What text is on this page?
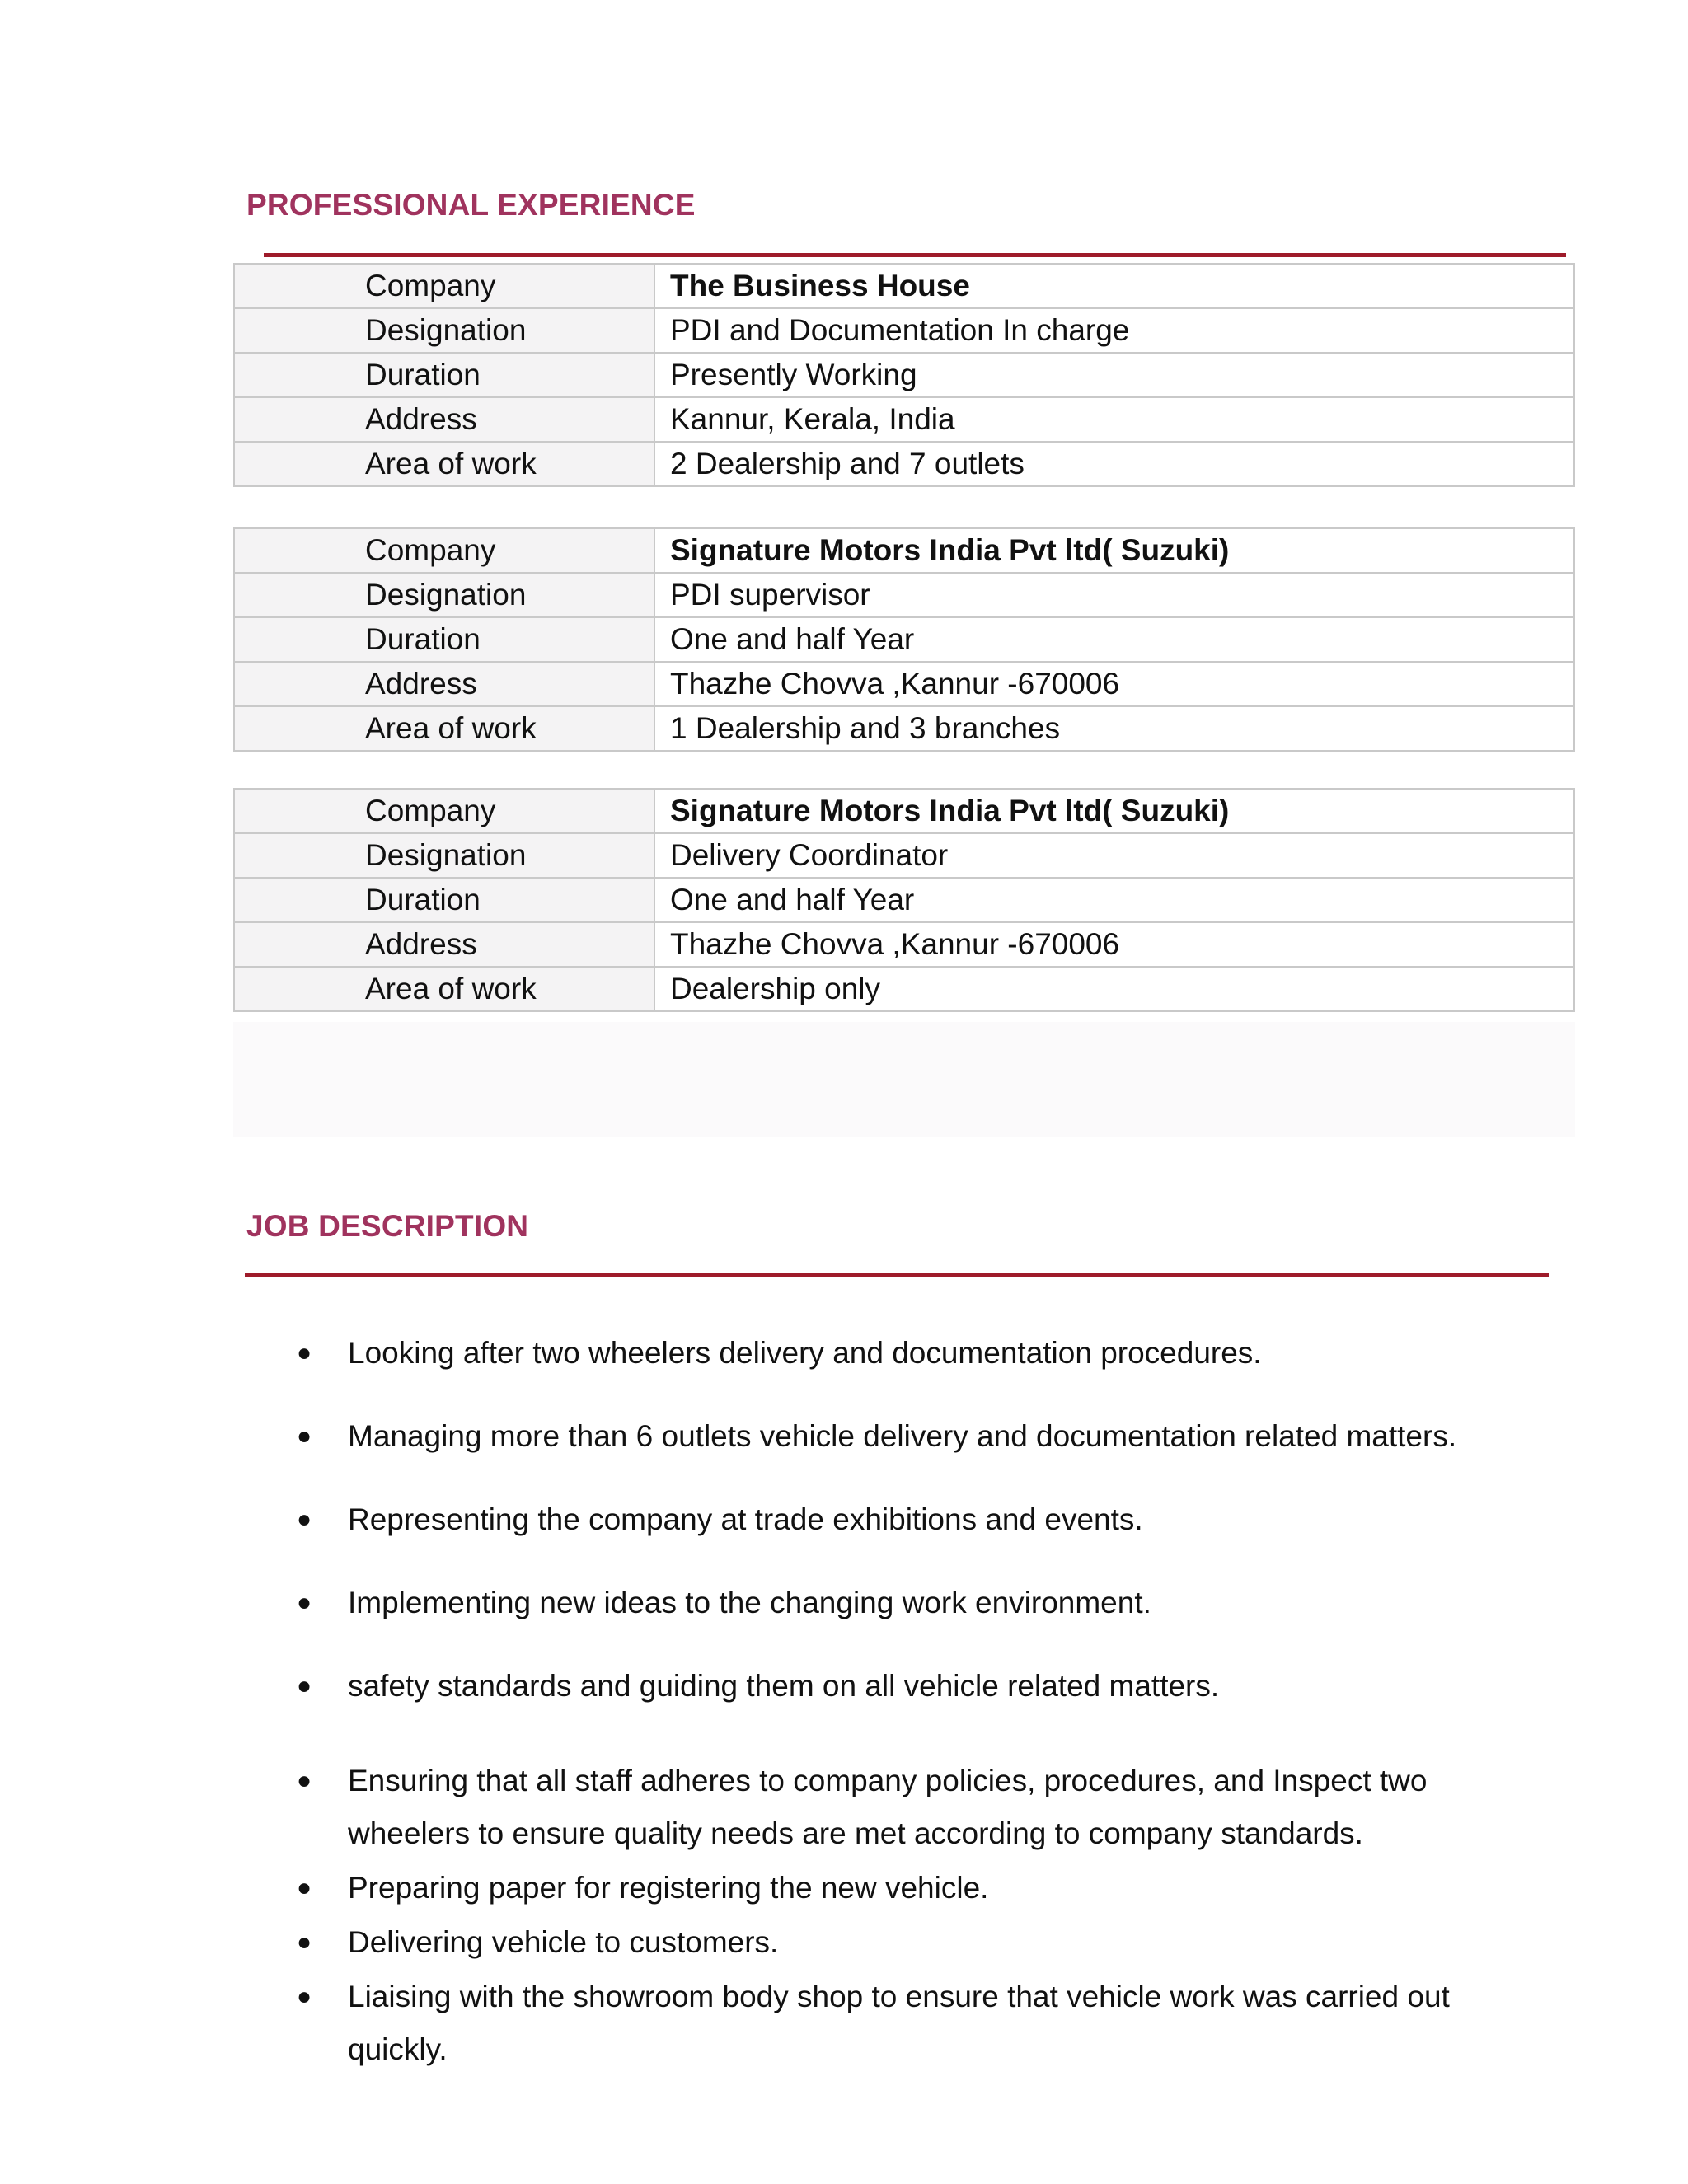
PROFESSIONAL EXPERIENCE
Company	The Business House
Designation	PDI and Documentation In charge
Duration	Presently Working
Address	Kannur, Kerala, India
Area of work	2 Dealership and 7 outlets
Company	Signature Motors India Pvt ltd( Suzuki)
Designation	PDI supervisor
Duration	One and half Year
Address	Thazhe Chovva ,Kannur -670006
Area of work	1 Dealership and 3 branches
Company	Signature Motors India Pvt ltd( Suzuki)
Designation	Delivery Coordinator
Duration	One and half Year
Address	Thazhe Chovva ,Kannur -670006
Area of work	Dealership only
JOB DESCRIPTION
● Looking after two wheelers delivery and documentation procedures.
● Managing more than 6 outlets vehicle delivery and documentation related matters.
● Representing the company at trade exhibitions and events.
● Implementing new ideas to the changing work environment.
● safety standards and guiding them on all vehicle related matters.
● Ensuring that all staff adheres to company policies, procedures, and Inspect two wheelers to ensure quality needs are met according to company standards.
● Preparing paper for registering the new vehicle.
● Delivering vehicle to customers.
● Liaising with the showroom body shop to ensure that vehicle work was carried out quickly.
